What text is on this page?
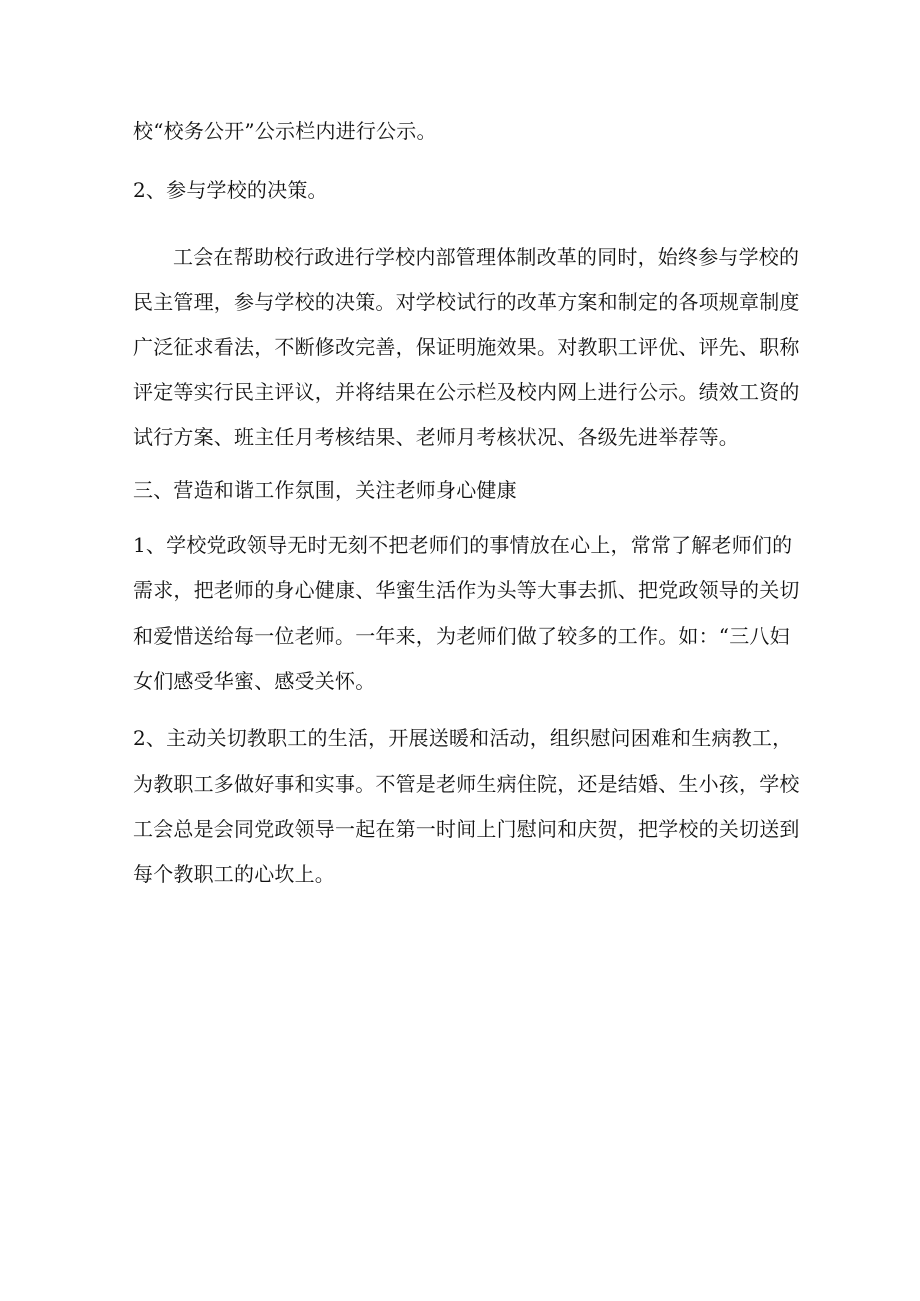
校“校务公开”公示栏内进行公示。
2、参与学校的决策。
工会在帮助校行政进行学校内部管理体制改革的同时，始终参与学校的
民主管理，参与学校的决策。对学校试行的改革方案和制定的各项规章制度
广泛征求看法，不断修改完善，保证明施效果。对教职工评优、评先、职称
评定等实行民主评议，并将结果在公示栏及校内网上进行公示。绩效工资的
试行方案、班主任月考核结果、老师月考核状况、各级先进举荐等。
三、营造和谐工作氛围，关注老师身心健康
1、学校党政领导无时无刻不把老师们的事情放在心上，常常了解老师们的
需求，把老师的身心健康、华蜜生活作为头等大事去抓、把党政领导的关切
和爱惜送给每一位老师。一年来，为老师们做了较多的工作。如：“三八妇
女们感受华蜜、感受关怀。
2、主动关切教职工的生活，开展送暖和活动，组织慰问困难和生病教工，
为教职工多做好事和实事。不管是老师生病住院，还是结婚、生小孩，学校
工会总是会同党政领导一起在第一时间上门慰问和庆贺，把学校的关切送到
每个教职工的心坎上。
